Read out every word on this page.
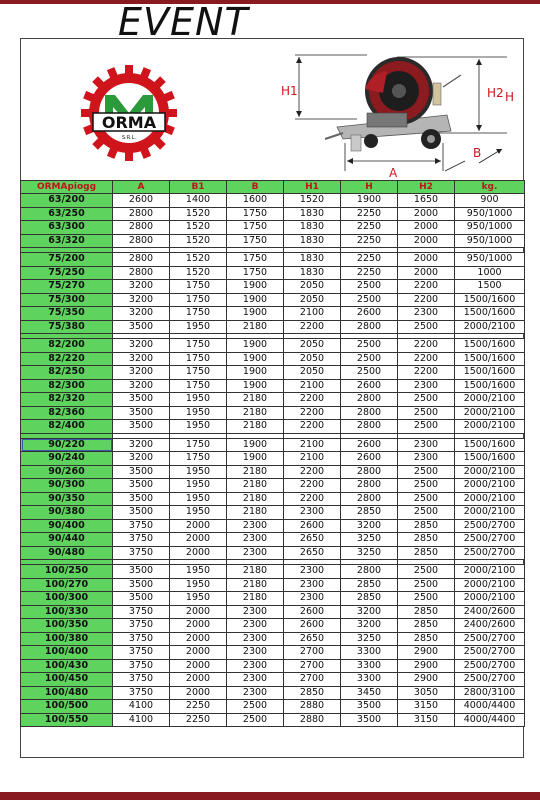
EVENT
ORMA
S.R.L.
H1	H2 H
A
B
ORMApiogg	A	B1	B	H1	H	H2	kg.
63/200	2600	1400	1600	1520	1900	1650	900
63/250	2800	1520	1750	1830	2250	2000	950/1000
63/300	2800	1520	1750	1830	2250	2000	950/1000
63/320	2800	1520	1750	1830	2250	2000	950/1000

75/200	2800	1520	1750	1830	2250	2000	950/1000
75/250	2800	1520	1750	1830	2250	2000	1000
75/270	3200	1750	1900	2050	2500	2200	1500
75/300	3200	1750	1900	2050	2500	2200	1500/1600
75/350	3200	1750	1900	2100	2600	2300	1500/1600
75/380	3500	1950	2180	2200	2800	2500	2000/2100

82/200	3200	1750	1900	2050	2500	2200	1500/1600
82/220	3200	1750	1900	2050	2500	2200	1500/1600
82/250	3200	1750	1900	2050	2500	2200	1500/1600
82/300	3200	1750	1900	2100	2600	2300	1500/1600
82/320	3500	1950	2180	2200	2800	2500	2000/2100
82/360	3500	1950	2180	2200	2800	2500	2000/2100
82/400	3500	1950	2180	2200	2800	2500	2000/2100

90/220	3200	1750	1900	2100	2600	2300	1500/1600
90/240	3200	1750	1900	2100	2600	2300	1500/1600
90/260	3500	1950	2180	2200	2800	2500	2000/2100
90/300	3500	1950	2180	2200	2800	2500	2000/2100
90/350	3500	1950	2180	2200	2800	2500	2000/2100
90/380	3500	1950	2180	2300	2850	2500	2000/2100
90/400	3750	2000	2300	2600	3200	2850	2500/2700
90/440	3750	2000	2300	2650	3250	2850	2500/2700
90/480	3750	2000	2300	2650	3250	2850	2500/2700

100/250	3500	1950	2180	2300	2800	2500	2000/2100
100/270	3500	1950	2180	2300	2850	2500	2000/2100
100/300	3500	1950	2180	2300	2850	2500	2000/2100
100/330	3750	2000	2300	2600	3200	2850	2400/2600
100/350	3750	2000	2300	2600	3200	2850	2400/2600
100/380	3750	2000	2300	2650	3250	2850	2500/2700
100/400	3750	2000	2300	2700	3300	2900	2500/2700
100/430	3750	2000	2300	2700	3300	2900	2500/2700
100/450	3750	2000	2300	2700	3300	2900	2500/2700
100/480	3750	2000	2300	2850	3450	3050	2800/3100
100/500	4100	2250	2500	2880	3500	3150	4000/4400
100/550	4100	2250	2500	2880	3500	3150	4000/4400
